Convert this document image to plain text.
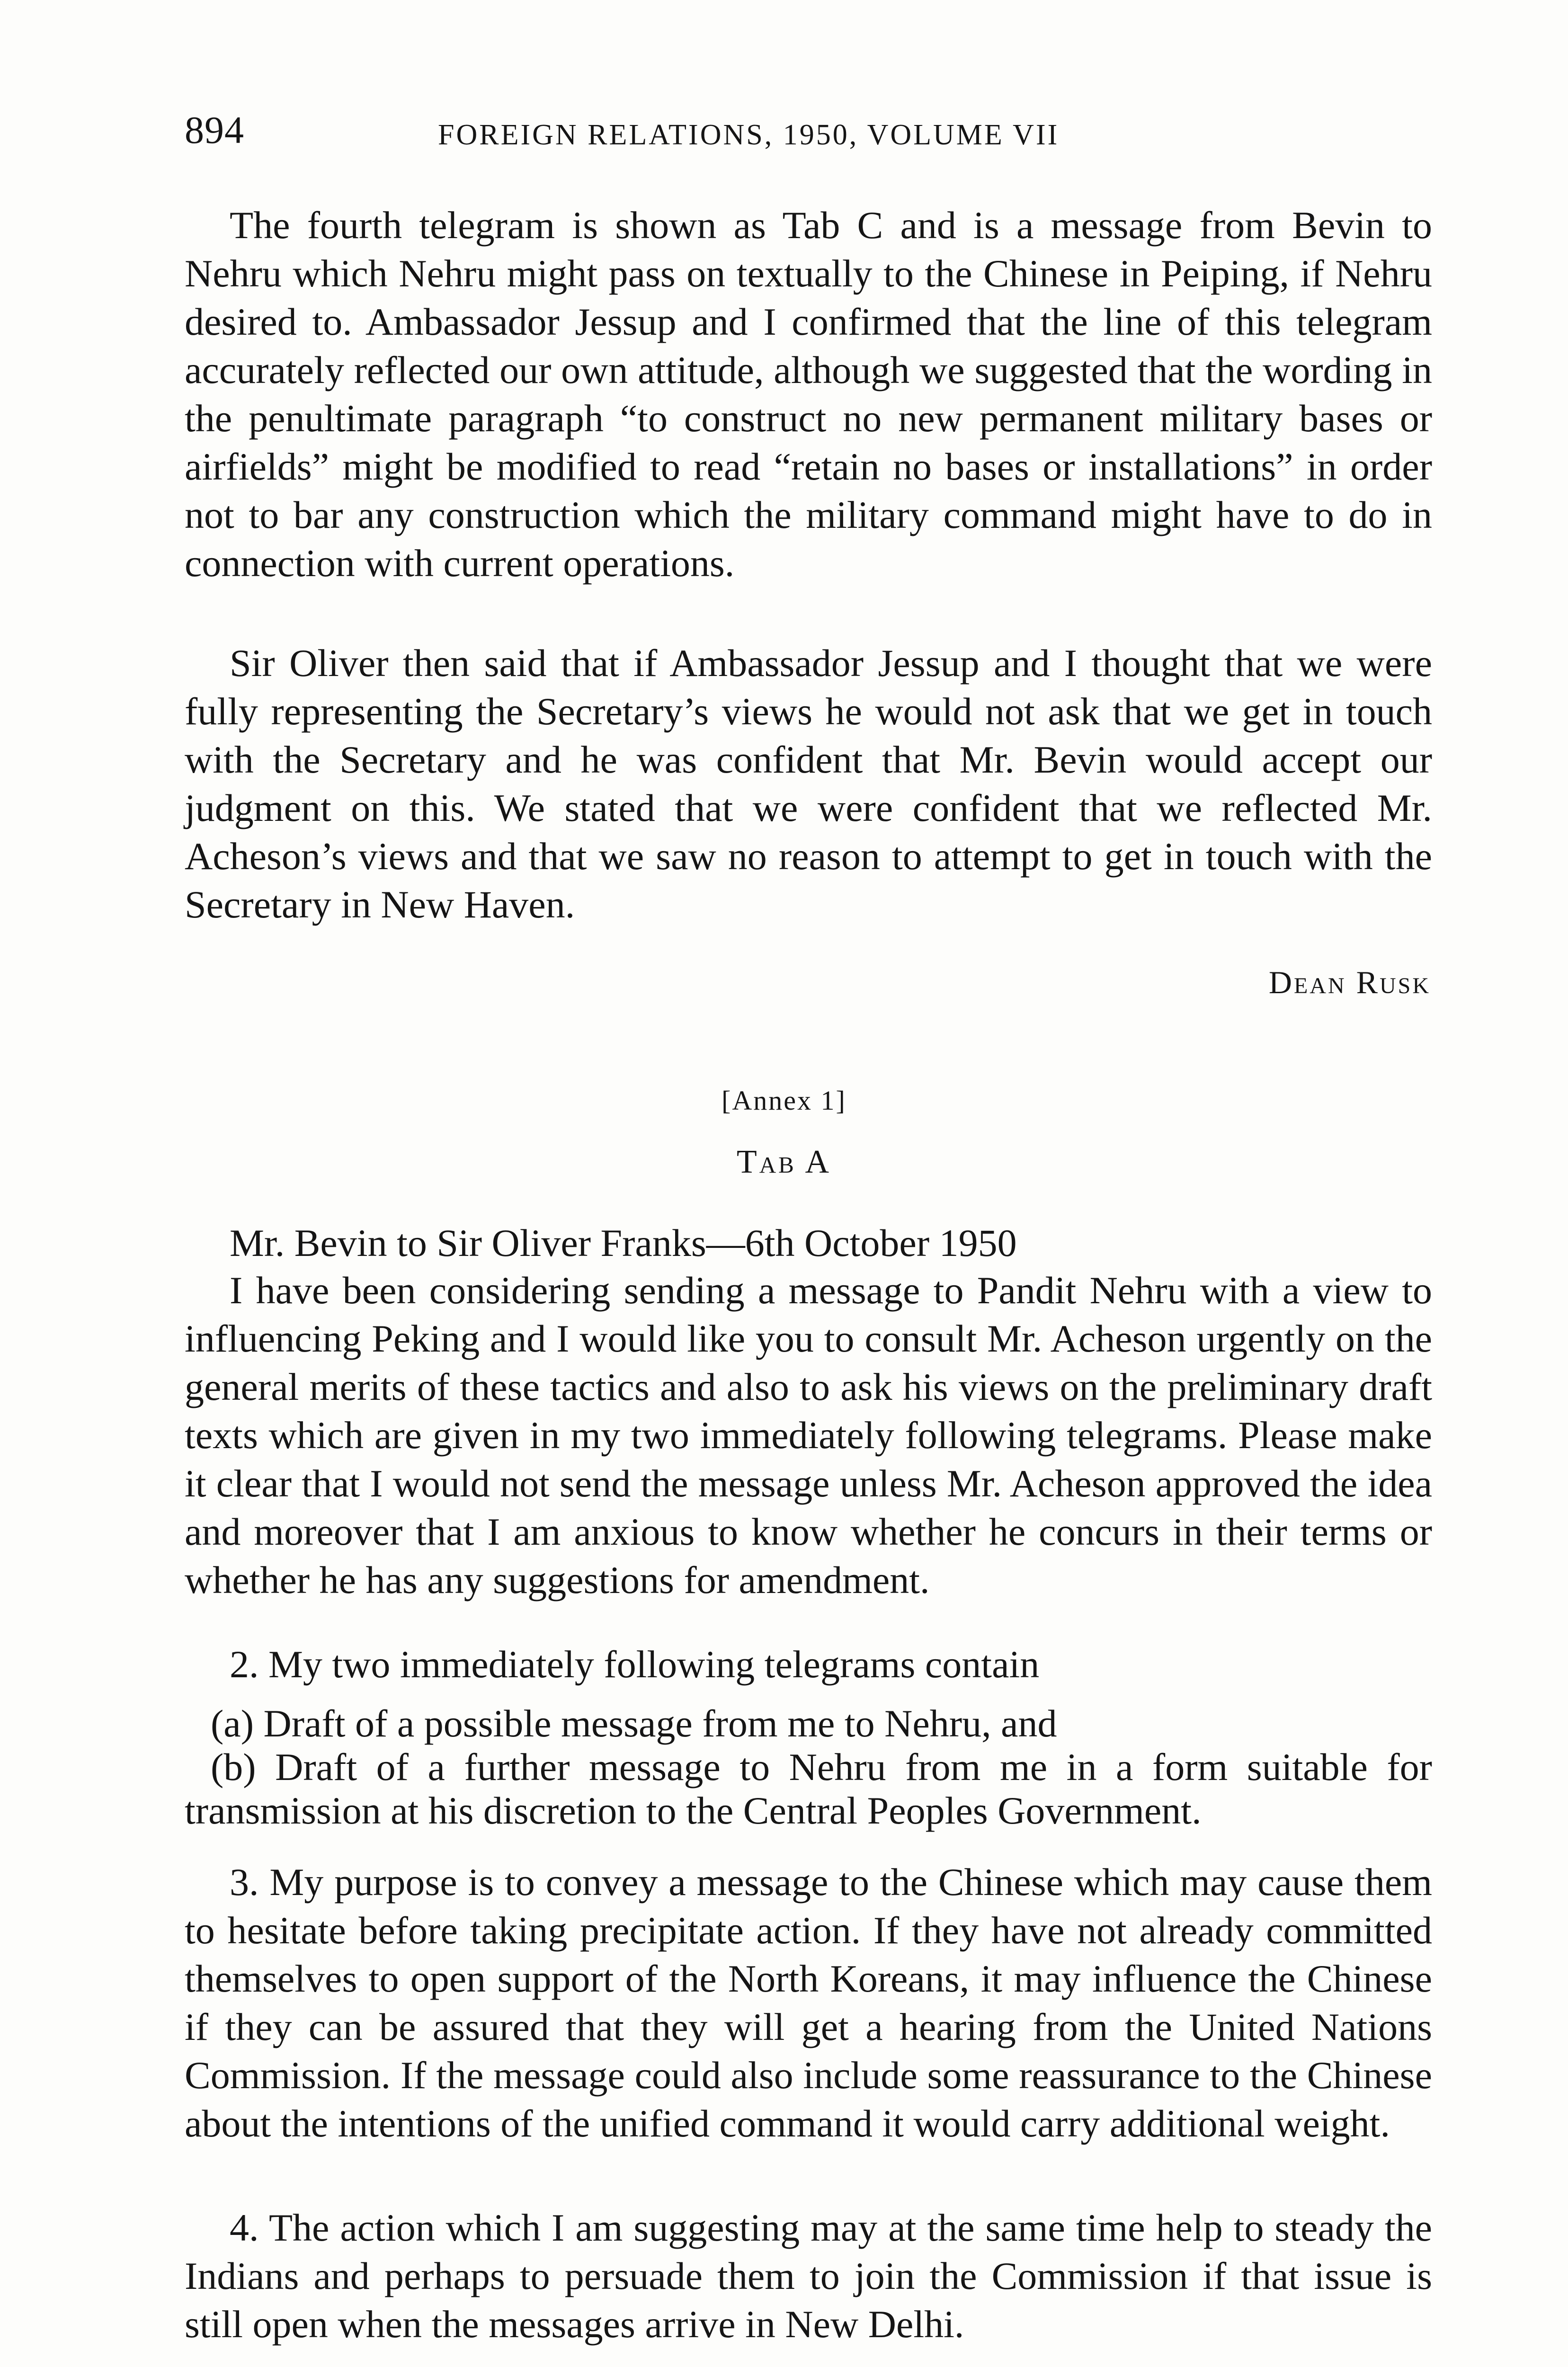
894	FOREIGN RELATIONS, 1950, VOLUME VII

The fourth telegram is shown as Tab C and is a message from Bevin to Nehru which Nehru might pass on textually to the Chinese in Peiping, if Nehru desired to. Ambassador Jessup and I confirmed that the line of this telegram accurately reflected our own attitude, although we suggested that the wording in the penultimate paragraph “to construct no new permanent military bases or airfields” might be modified to read “retain no bases or installations” in order not to bar any construction which the military command might have to do in connection with current operations.

Sir Oliver then said that if Ambassador Jessup and I thought that we were fully representing the Secretary’s views he would not ask that we get in touch with the Secretary and he was confident that Mr. Bevin would accept our judgment on this. We stated that we were confident that we reflected Mr. Acheson’s views and that we saw no reason to attempt to get in touch with the Secretary in New Haven.

Dean Rusk
[Annex 1]
Tab A

Mr. Bevin to Sir Oliver Franks—6th October 1950

I have been considering sending a message to Pandit Nehru with a view to influencing Peking and I would like you to consult Mr. Acheson urgently on the general merits of these tactics and also to ask his views on the preliminary draft texts which are given in my two immediately following telegrams. Please make it clear that I would not send the message unless Mr. Acheson approved the idea and moreover that I am anxious to know whether he concurs in their terms or whether he has any suggestions for amendment.

2. My two immediately following telegrams contain

(a) Draft of a possible message from me to Nehru, and

(b) Draft of a further message to Nehru from me in a form suitable for transmission at his discretion to the Central Peoples Government.

3. My purpose is to convey a message to the Chinese which may cause them to hesitate before taking precipitate action. If they have not already committed themselves to open support of the North Koreans, it may influence the Chinese if they can be assured that they will get a hearing from the United Nations Commission. If the message could also include some reassurance to the Chinese about the intentions of the unified command it would carry additional weight.

4. The action which I am suggesting may at the same time help to steady the Indians and perhaps to persuade them to join the Commission if that issue is still open when the messages arrive in New Delhi.
